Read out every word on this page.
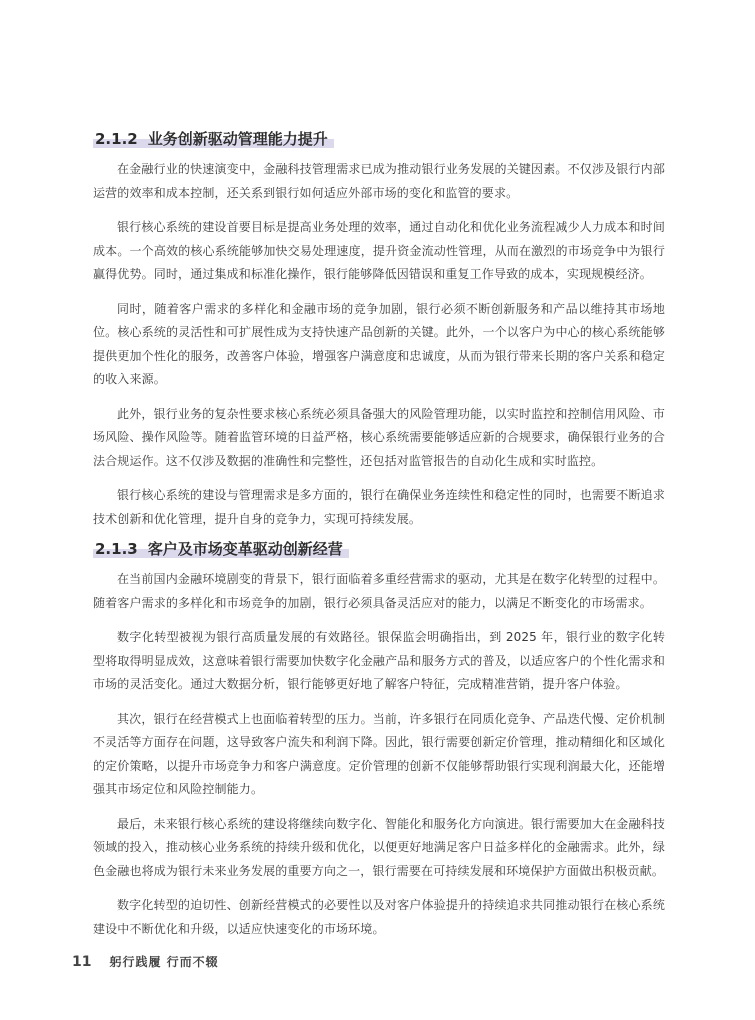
2.1.2 业务创新驱动管理能力提升

在金融行业的快速演变中，金融科技管理需求已成为推动银行业务发展的关键因素。不仅涉及银行内部运营的效率和成本控制，还关系到银行如何适应外部市场的变化和监管的要求。

银行核心系统的建设首要目标是提高业务处理的效率，通过自动化和优化业务流程减少人力成本和时间成本。一个高效的核心系统能够加快交易处理速度，提升资金流动性管理，从而在激烈的市场竞争中为银行赢得优势。同时，通过集成和标准化操作，银行能够降低因错误和重复工作导致的成本，实现规模经济。

同时，随着客户需求的多样化和金融市场的竞争加剧，银行必须不断创新服务和产品以维持其市场地位。核心系统的灵活性和可扩展性成为支持快速产品创新的关键。此外，一个以客户为中心的核心系统能够提供更加个性化的服务，改善客户体验，增强客户满意度和忠诚度，从而为银行带来长期的客户关系和稳定的收入来源。

此外，银行业务的复杂性要求核心系统必须具备强大的风险管理功能，以实时监控和控制信用风险、市场风险、操作风险等。随着监管环境的日益严格，核心系统需要能够适应新的合规要求，确保银行业务的合法合规运作。这不仅涉及数据的准确性和完整性，还包括对监管报告的自动化生成和实时监控。

银行核心系统的建设与管理需求是多方面的，银行在确保业务连续性和稳定性的同时，也需要不断追求技术创新和优化管理，提升自身的竞争力，实现可持续发展。

2.1.3 客户及市场变革驱动创新经营

在当前国内金融环境剧变的背景下，银行面临着多重经营需求的驱动，尤其是在数字化转型的过程中。随着客户需求的多样化和市场竞争的加剧，银行必须具备灵活应对的能力，以满足不断变化的市场需求。

数字化转型被视为银行高质量发展的有效路径。银保监会明确指出，到 2025 年，银行业的数字化转型将取得明显成效，这意味着银行需要加快数字化金融产品和服务方式的普及，以适应客户的个性化需求和市场的灵活变化。通过大数据分析，银行能够更好地了解客户特征，完成精准营销，提升客户体验。

其次，银行在经营模式上也面临着转型的压力。当前，许多银行在同质化竞争、产品迭代慢、定价机制不灵活等方面存在问题，这导致客户流失和利润下降。因此，银行需要创新定价管理，推动精细化和区域化的定价策略，以提升市场竞争力和客户满意度。定价管理的创新不仅能够帮助银行实现利润最大化，还能增强其市场定位和风险控制能力。

最后，未来银行核心系统的建设将继续向数字化、智能化和服务化方向演进。银行需要加大在金融科技领域的投入，推动核心业务系统的持续升级和优化，以便更好地满足客户日益多样化的金融需求。此外，绿色金融也将成为银行未来业务发展的重要方向之一，银行需要在可持续发展和环境保护方面做出积极贡献。

数字化转型的迫切性、创新经营模式的必要性以及对客户体验提升的持续追求共同推动银行在核心系统建设中不断优化和升级，以适应快速变化的市场环境。

11 躬行践履 行而不辍
